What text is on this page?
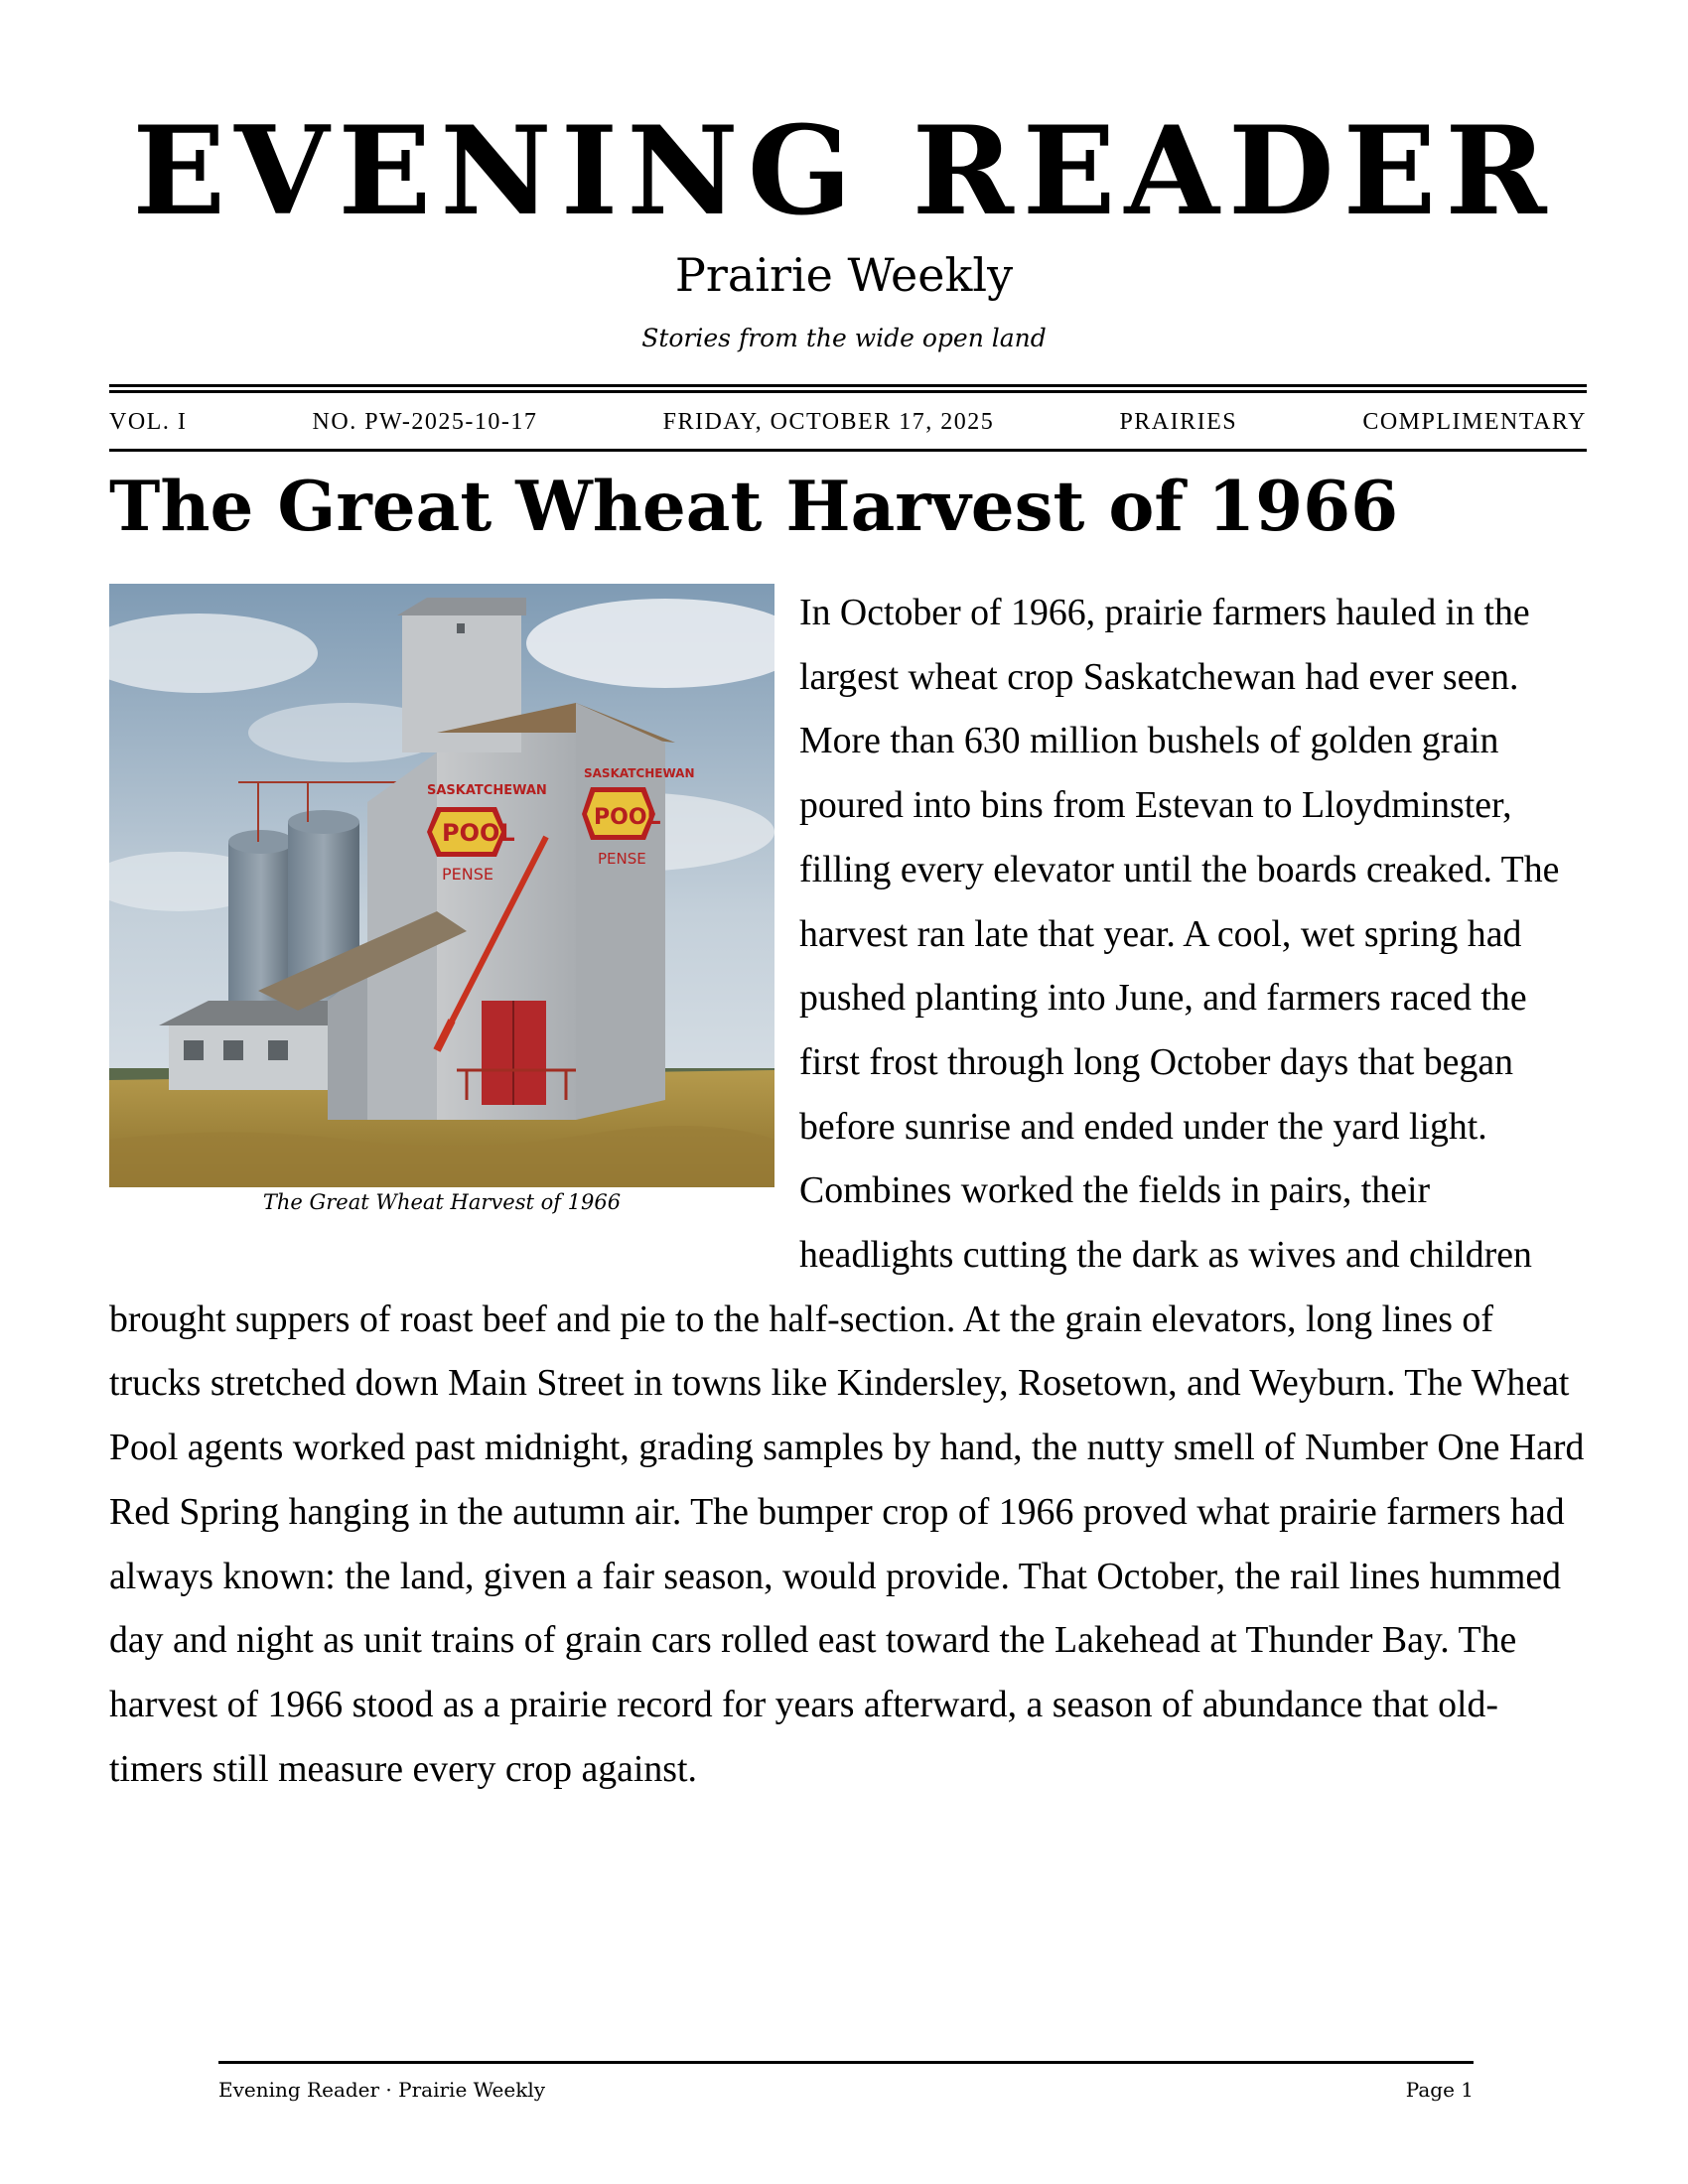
EVENING READER
Prairie Weekly
Stories from the wide open land
VOL. I	NO. PW-2025-10-17	FRIDAY, OCTOBER 17, 2025	PRAIRIES	COMPLIMENTARY
The Great Wheat Harvest of 1966
SASKATCHEWAN
POOL
PENSE
SASKATCHEWAN
POOL
PENSE
The Great Wheat Harvest of 1966
In October of 1966, prairie farmers hauled in the largest wheat crop Saskatchewan had ever seen. More than 630 million bushels of golden grain poured into bins from Estevan to Lloydminster, filling every elevator until the boards creaked. The harvest ran late that year. A cool, wet spring had pushed planting into June, and farmers raced the first frost through long October days that began before sunrise and ended under the yard light. Combines worked the fields in pairs, their headlights cutting the dark as wives and children brought suppers of roast beef and pie to the half-section. At the grain elevators, long lines of trucks stretched down Main Street in towns like Kindersley, Rosetown, and Weyburn. The Wheat Pool agents worked past midnight, grading samples by hand, the nutty smell of Number One Hard Red Spring hanging in the autumn air. The bumper crop of 1966 proved what prairie farmers had always known: the land, given a fair season, would provide. That October, the rail lines hummed day and night as unit trains of grain cars rolled east toward the Lakehead at Thunder Bay. The harvest of 1966 stood as a prairie record for years afterward, a season of abundance that old-timers still measure every crop against.
Evening Reader · Prairie Weekly	Page 1
